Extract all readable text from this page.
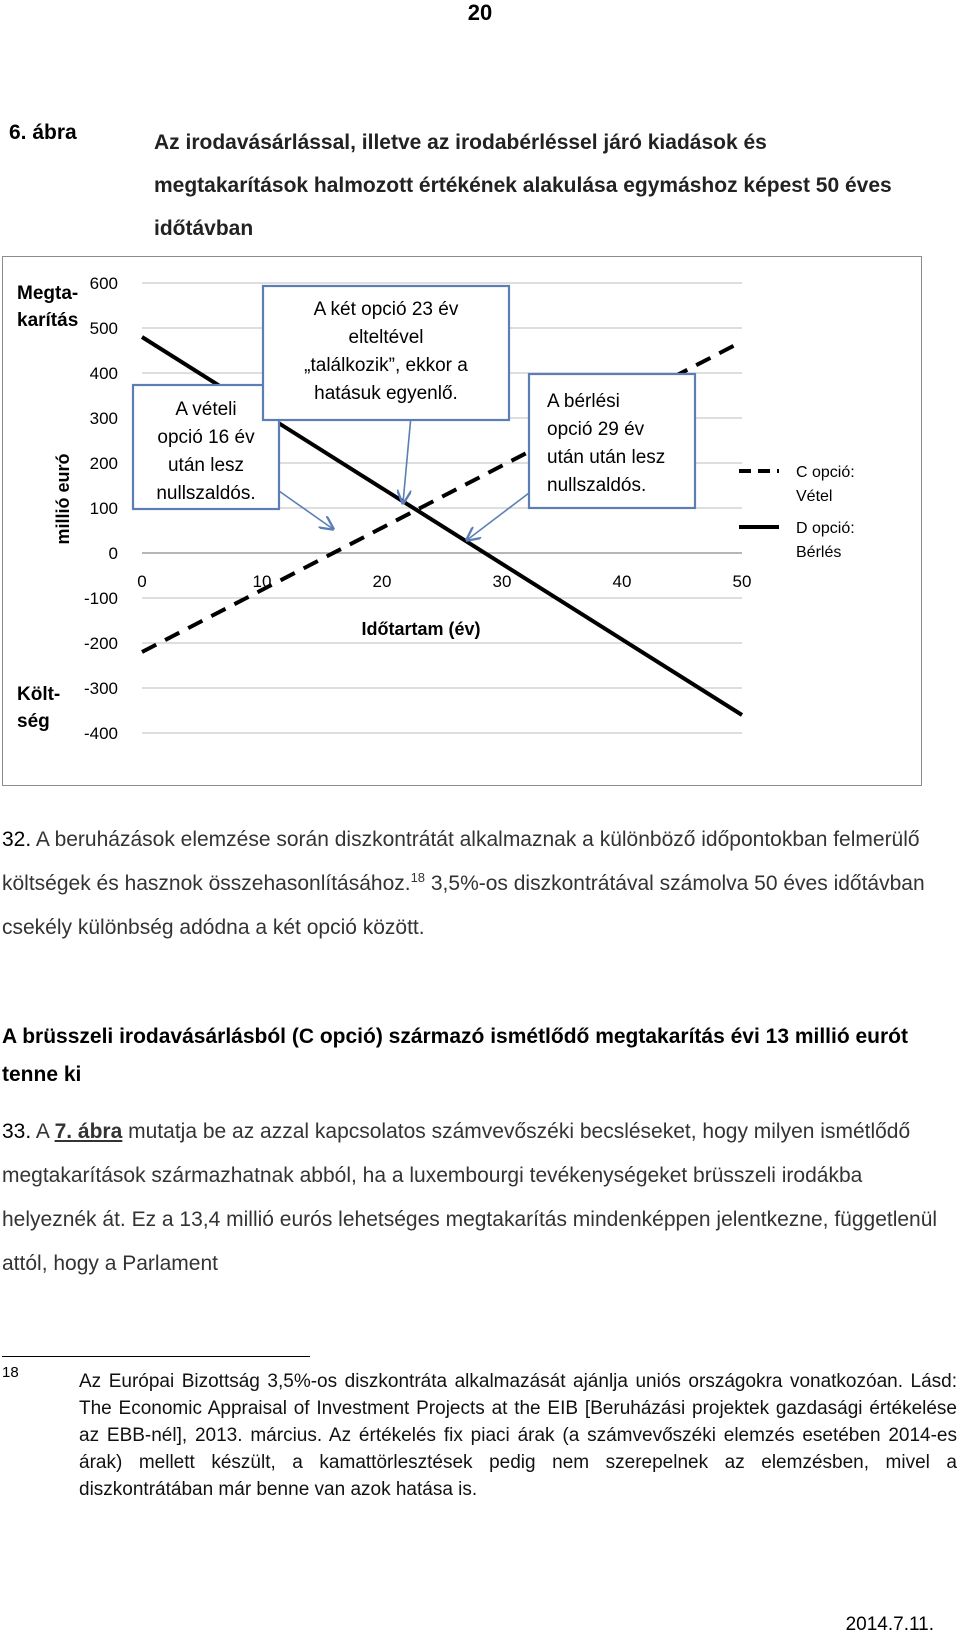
20
6. ábra	Az irodavásárlással, illetve az irodabérléssel járó kiadások és megtakarítások halmozott értékének alakulása egymáshoz képest 50 éves időtávban
600
500
400
300
200
100
0
-100
-200
-300
-400
0	10	20	30	40	50
Időtartam (év)
millió euró
Megta-
karítás
Költ-
ség
A vételi
opció 16 év
után lesz
nullszaldós.
A két opció 23 év
elteltével
„találkozik”, ekkor a
hatásuk egyenlő.	A bérlési
opció 29 év
után után lesz
nullszaldós.
C opció:
Vétel
D opció:
Bérlés
32. A beruházások elemzése során diszkontrátát alkalmaznak a különböző időpontokban felmerülő költségek és hasznok összehasonlításához.$^{18}$ 3,5%-os diszkontrátával számolva 50 éves időtávban csekély különbség adódna a két opció között.
A brüsszeli irodavásárlásból (C opció) származó ismétlődő megtakarítás évi 13 millió eurót tenne ki
33. A 7. ábra mutatja be az azzal kapcsolatos számvevőszéki becsléseket, hogy milyen ismétlődő megtakarítások származhatnak abból, ha a luxembourgi tevékenységeket brüsszeli irodákba helyeznék át. Ez a 13,4 millió eurós lehetséges megtakarítás mindenképpen jelentkezne, függetlenül attól, hogy a Parlament
18	Az Európai Bizottság 3,5%-os diszkontráta alkalmazását ajánlja uniós országokra vonatkozóan. Lásd: The Economic Appraisal of Investment Projects at the EIB [Beruházási projektek gazdasági értékelése az EBB-nél], 2013. március. Az értékelés fix piaci árak (a számvevőszéki elemzés esetében 2014-es árak) mellett készült, a kamattörlesztések pedig nem szerepelnek az elemzésben, mivel a diszkontrátában már benne van azok hatása is.
2014.7.11.
